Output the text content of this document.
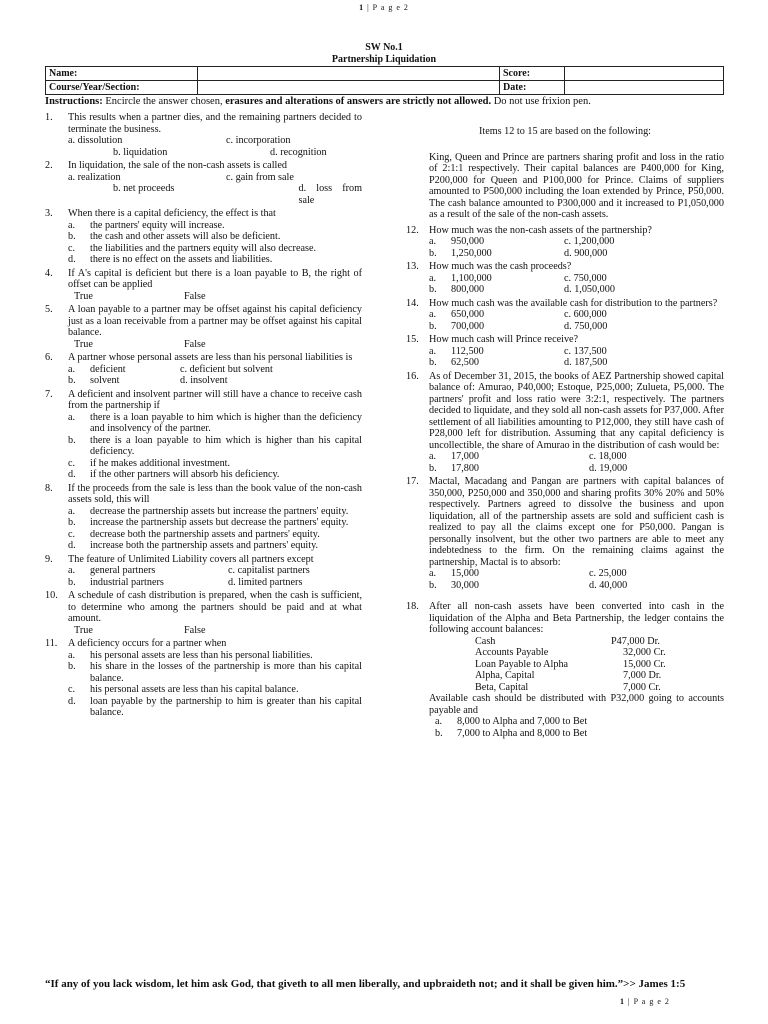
1 | P a g e 2
SW No.1
Partnership Liquidation
Name:		Score:	
Course/Year/Section:		Date:	
Instructions: Encircle the answer chosen, erasures and alterations of answers are strictly not allowed. Do not use frixion pen.
1. This results when a partner dies, and the remaining partners decided to terminate the business.
a. dissolution	c. incorporation
b. liquidation	d. recognition
2. In liquidation, the sale of the non-cash assets is called
a. realization	c. gain from sale
b. net proceeds	d. loss from sale
3. When there is a capital deficiency, the effect is that
a. the partners' equity will increase.
b. the cash and other assets will also be deficient.
c. the liabilities and the partners equity will also decrease.
d. there is no effect on the assets and liabilities.
4. If A's capital is deficient but there is a loan payable to B, the right of offset can be applied
True	False
5. A loan payable to a partner may be offset against his capital deficiency just as a loan receivable from a partner may be offset against his capital balance.
True	False
6. A partner whose personal assets are less than his personal liabilities is
a. deficient	c. deficient but solvent
b. solvent	d. insolvent
7. A deficient and insolvent partner will still have a chance to receive cash from the partnership if
a. there is a loan payable to him which is higher than the deficiency and insolvency of the partner.
b. there is a loan payable to him which is higher than his capital deficiency.
c. if he makes additional investment.
d. if the other partners will absorb his deficiency.
8. If the proceeds from the sale is less than the book value of the non-cash assets sold, this will
a. decrease the partnership assets but increase the partners' equity.
b. increase the partnership assets but decrease the partners' equity.
c. decrease both the partnership assets and partners' equity.
d. increase both the partnership assets and partners' equity.
9. The feature of Unlimited Liability covers all partners except
a. general partners	c. capitalist partners
b. industrial partners	d. limited partners
10. A schedule of cash distribution is prepared, when the cash is sufficient, to determine who among the partners should be paid and at what amount.
True	False
11. A deficiency occurs for a partner when
a. his personal assets are less than his personal liabilities.
b. his share in the losses of the partnership is more than his capital balance.
c. his personal assets are less than his capital balance.
d. loan payable by the partnership to him is greater than his capital balance.
Items 12 to 15 are based on the following:
King, Queen and Prince are partners sharing profit and loss in the ratio of 2:1:1 respectively. Their capital balances are P400,000 for King, P200,000 for Queen and P100,000 for Prince. Claims of suppliers amounted to P500,000 including the loan extended by Prince, P50,000. The cash balance amounted to P300,000 and it increased to P1,050,000 as a result of the sale of the non-cash assets.
12. How much was the non-cash assets of the partnership?
a. 950,000	c. 1,200,000
b. 1,250,000	d. 900,000
13. How much was the cash proceeds?
a. 1,100,000	c. 750,000
b. 800,000	d. 1,050,000
14. How much cash was the available cash for distribution to the partners?
a. 650,000	c. 600,000
b. 700,000	d. 750,000
15. How much cash will Prince receive?
a. 112,500	c. 137,500
b. 62,500	d. 187,500
16. As of December 31, 2015, the books of AEZ Partnership showed capital balance of: Amurao, P40,000; Estoque, P25,000; Zulueta, P5,000. The partners' profit and loss ratio were 3:2:1, respectively. The partners decided to liquidate, and they sold all non-cash assets for P37,000. After settlement of all liabilities amounting to P12,000, they still have cash of P28,000 left for distribution. Assuming that any capital deficiency is uncollectible, the share of Amurao in the distribution of cash would be:
a. 17,000	c. 18,000
b. 17,800	d. 19,000
17. Mactal, Macadang and Pangan are partners with capital balances of 350,000, P250,000 and 350,000 and sharing profits 30% 20% and 50% respectively. Partners agreed to dissolve the business and upon liquidation, all of the partnership assets are sold and sufficient cash is realized to pay all the claims except one for P50,000. Pangan is personally insolvent, but the other two partners are able to meet any indebtedness to the firm. On the remaining claims against the partnership, Mactal is to absorb:
a. 15,000	c. 25,000
b. 30,000	d. 40,000
18. After all non-cash assets have been converted into cash in the liquidation of the Alpha and Beta Partnership, the ledger contains the following account balances:
Cash	P47,000 Dr.
Accounts Payable	32,000 Cr.
Loan Payable to Alpha	15,000 Cr.
Alpha, Capital	7,000 Dr.
Beta, Capital	7,000 Cr.
Available cash should be distributed with P32,000 going to accounts payable and
a. 8,000 to Alpha and 7,000 to Bet
b. 7,000 to Alpha and 8,000 to Bet
“If any of you lack wisdom, let him ask God, that giveth to all men liberally, and upbraideth not; and it shall be given him.”>> James 1:5
1 | P a g e 2
